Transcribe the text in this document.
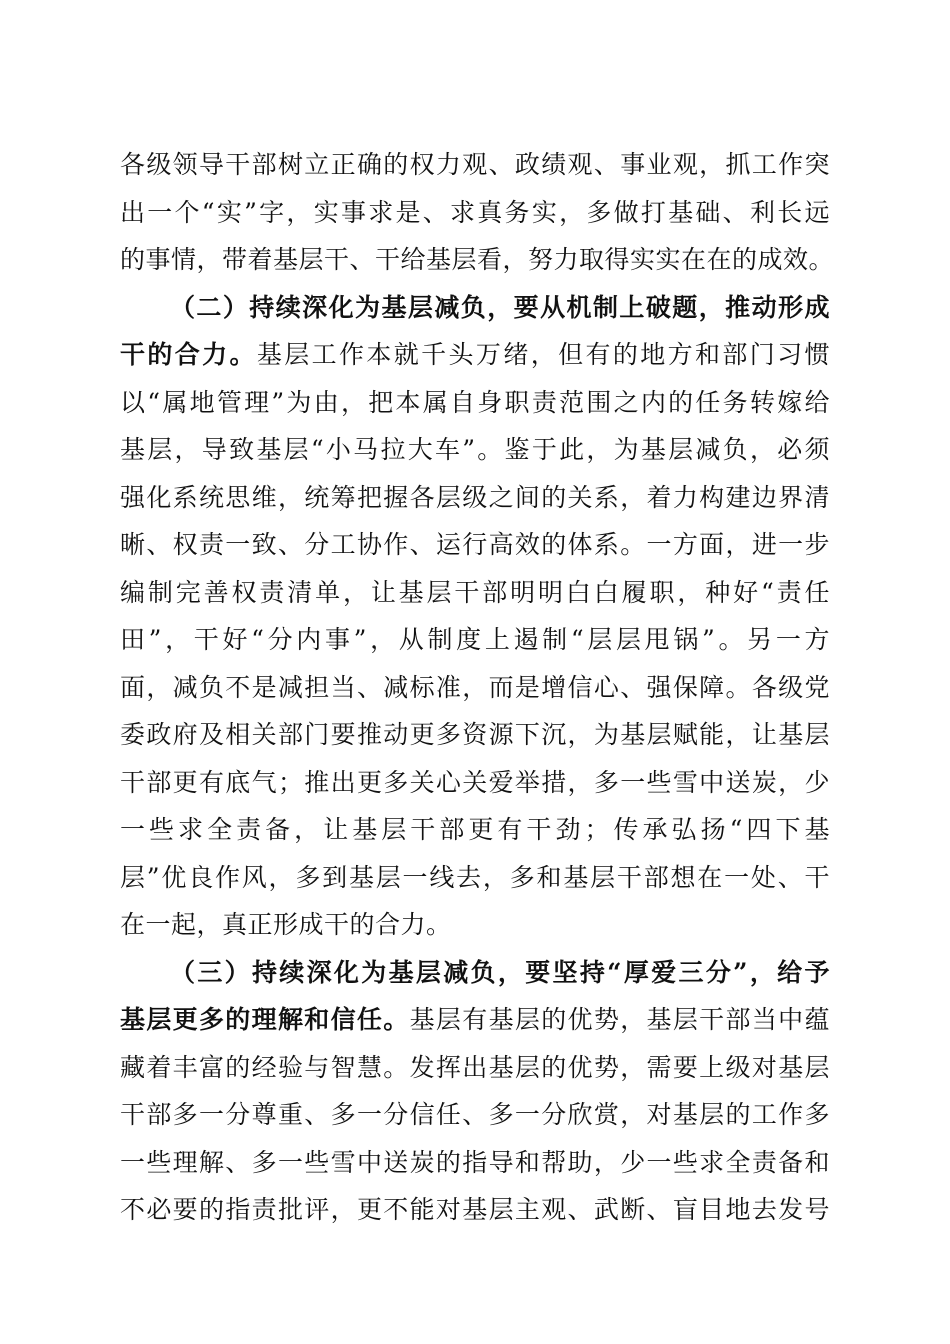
各级领导干部树立正确的权力观、政绩观、事业观，抓工作突
出一个“实”字，实事求是、求真务实，多做打基础、利长远
的事情，带着基层干、干给基层看，努力取得实实在在的成效。
（二）持续深化为基层减负，要从机制上破题，推动形成
干的合力。基层工作本就千头万绪，但有的地方和部门习惯
以“属地管理”为由，把本属自身职责范围之内的任务转嫁给
基层，导致基层“小马拉大车”。鉴于此，为基层减负，必须
强化系统思维，统筹把握各层级之间的关系，着力构建边界清
晰、权责一致、分工协作、运行高效的体系。一方面，进一步
编制完善权责清单，让基层干部明明白白履职，种好“责任
田”，干好“分内事”，从制度上遏制“层层甩锅”。另一方
面，减负不是减担当、减标准，而是增信心、强保障。各级党
委政府及相关部门要推动更多资源下沉，为基层赋能，让基层
干部更有底气；推出更多关心关爱举措，多一些雪中送炭，少
一些求全责备，让基层干部更有干劲；传承弘扬“四下基
层”优良作风，多到基层一线去，多和基层干部想在一处、干
在一起，真正形成干的合力。
（三）持续深化为基层减负，要坚持“厚爱三分”，给予
基层更多的理解和信任。基层有基层的优势，基层干部当中蕴
藏着丰富的经验与智慧。发挥出基层的优势，需要上级对基层
干部多一分尊重、多一分信任、多一分欣赏，对基层的工作多
一些理解、多一些雪中送炭的指导和帮助，少一些求全责备和
不必要的指责批评，更不能对基层主观、武断、盲目地去发号
